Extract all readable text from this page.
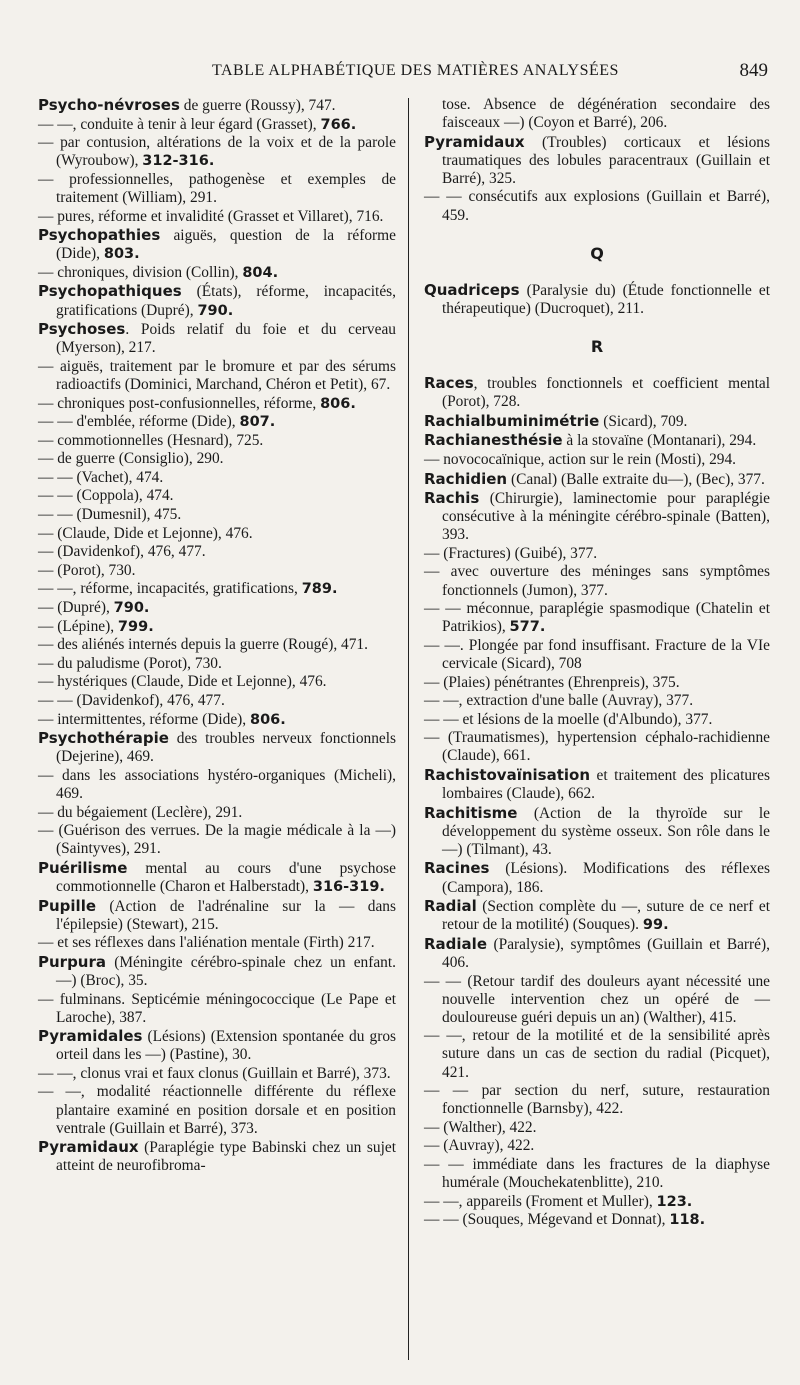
TABLE ALPHABÉTIQUE DES MATIÈRES ANALYSÉES	849
Psycho-névroses de guerre (Roussy), 747.
— —, conduite à tenir à leur égard (Grasset), 766.
— par contusion, altérations de la voix et de la parole (Wyroubow), 312-316.
— professionnelles, pathogenèse et exemples de traitement (William), 291.
— pures, réforme et invalidité (Grasset et Villaret), 716.
Psychopathies aiguës, question de la réforme (Dide), 803.
— chroniques, division (Collin), 804.
Psychopathiques (États), réforme, incapacités, gratifications (Dupré), 790.
Psychoses. Poids relatif du foie et du cerveau (Myerson), 217.
— aiguës, traitement par le bromure et par des sérums radioactifs (Dominici, Marchand, Chéron et Petit), 67.
— chroniques post-confusionnelles, réforme, 806.
— — d'emblée, réforme (Dide), 807.
— commotionnelles (Hesnard), 725.
— de guerre (Consiglio), 290.
— — (Vachet), 474.
— — (Coppola), 474.
— — (Dumesnil), 475.
— (Claude, Dide et Lejonne), 476.
— (Davidenkof), 476, 477.
— (Porot), 730.
— —, réforme, incapacités, gratifications, 789.
— (Dupré), 790.
— (Lépine), 799.
— des aliénés internés depuis la guerre (Rougé), 471.
— du paludisme (Porot), 730.
— hystériques (Claude, Dide et Lejonne), 476.
— — (Davidenkof), 476, 477.
— intermittentes, réforme (Dide), 806.
Psychothérapie des troubles nerveux fonctionnels (Dejerine), 469.
— dans les associations hystéro-organiques (Micheli), 469.
— du bégaiement (Leclère), 291.
— (Guérison des verrues. De la magie médicale à la —) (Saintyves), 291.
Puérilisme mental au cours d'une psychose commotionnelle (Charon et Halberstadt), 316-319.
Pupille (Action de l'adrénaline sur la — dans l'épilepsie) (Stewart), 215.
— et ses réflexes dans l'aliénation mentale (Firth) 217.
Purpura (Méningite cérébro-spinale chez un enfant. —) (Broc), 35.
— fulminans. Septicémie méningococcique (Le Pape et Laroche), 387.
Pyramidales (Lésions) (Extension spontanée du gros orteil dans les —) (Pastine), 30.
— —, clonus vrai et faux clonus (Guillain et Barré), 373.
— —, modalité réactionnelle différente du réflexe plantaire examiné en position dorsale et en position ventrale (Guillain et Barré), 373.
Pyramidaux (Paraplégie type Babinski chez un sujet atteint de neurofibroma-
tose. Absence de dégénération secondaire des faisceaux —) (Coyon et Barré), 206.
Pyramidaux (Troubles) corticaux et lésions traumatiques des lobules paracentraux (Guillain et Barré), 325.
— — consécutifs aux explosions (Guillain et Barré), 459.
Q
Quadriceps (Paralysie du) (Étude fonctionnelle et thérapeutique) (Ducroquet), 211.
R
Races, troubles fonctionnels et coefficient mental (Porot), 728.
Rachialbuminimétrie (Sicard), 709.
Rachianesthésie à la stovaïne (Montanari), 294.
— novococaïnique, action sur le rein (Mosti), 294.
Rachidien (Canal) (Balle extraite du—), (Bec), 377.
Rachis (Chirurgie), laminectomie pour paraplégie consécutive à la méningite cérébro-spinale (Batten), 393.
— (Fractures) (Guibé), 377.
— avec ouverture des méninges sans symptômes fonctionnels (Jumon), 377.
— — méconnue, paraplégie spasmodique (Chatelin et Patrikios), 577.
— —. Plongée par fond insuffisant. Fracture de la VIe cervicale (Sicard), 708
— (Plaies) pénétrantes (Ehrenpreis), 375.
— —, extraction d'une balle (Auvray), 377.
— — et lésions de la moelle (d'Albundo), 377.
— (Traumatismes), hypertension céphalo-rachidienne (Claude), 661.
Rachistovaïnisation et traitement des plicatures lombaires (Claude), 662.
Rachitisme (Action de la thyroïde sur le développement du système osseux. Son rôle dans le —) (Tilmant), 43.
Racines (Lésions). Modifications des réflexes (Campora), 186.
Radial (Section complète du —, suture de ce nerf et retour de la motilité) (Souques). 99.
Radiale (Paralysie), symptômes (Guillain et Barré), 406.
— — (Retour tardif des douleurs ayant nécessité une nouvelle intervention chez un opéré de — douloureuse guéri depuis un an) (Walther), 415.
— —, retour de la motilité et de la sensibilité après suture dans un cas de section du radial (Picquet), 421.
— — par section du nerf, suture, restauration fonctionnelle (Barnsby), 422.
— (Walther), 422.
— (Auvray), 422.
— — immédiate dans les fractures de la diaphyse humérale (Mouchekatenblitte), 210.
— —, appareils (Froment et Muller), 123.
— — (Souques, Mégevand et Donnat), 118.
